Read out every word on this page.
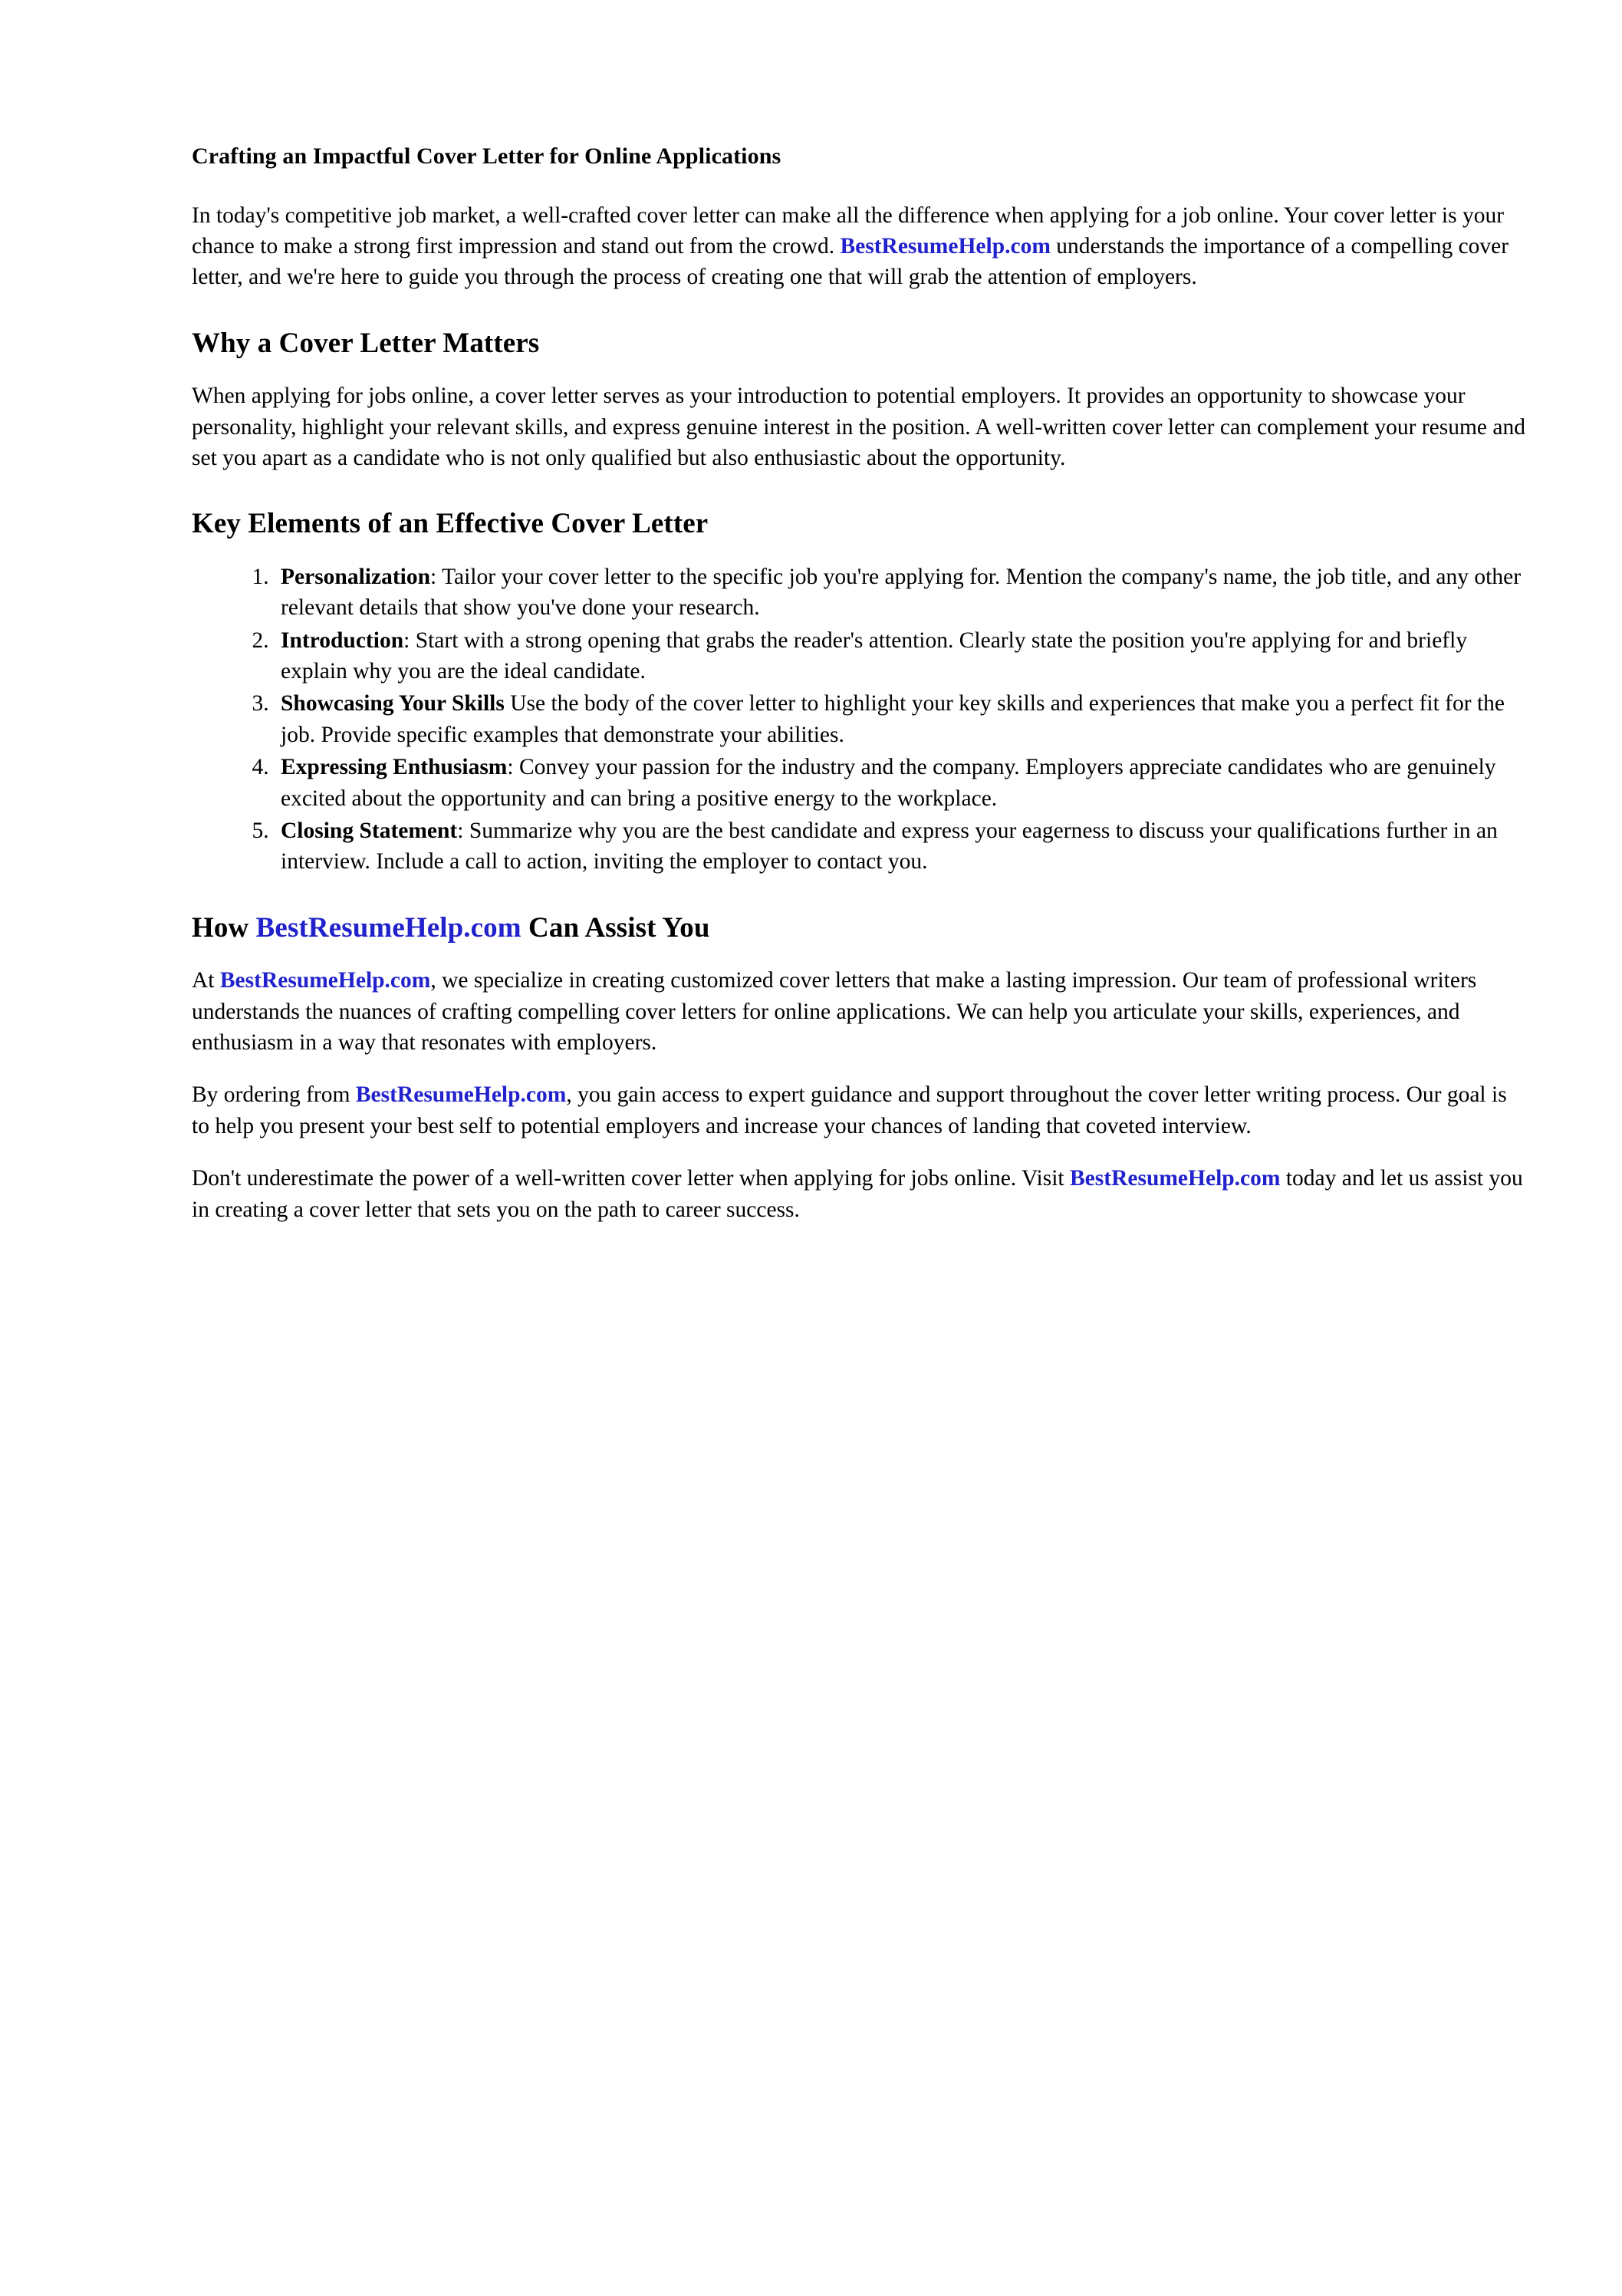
Crafting an Impactful Cover Letter for Online Applications

In today's competitive job market, a well-crafted cover letter can make all the difference when applying for a job online. Your cover letter is your chance to make a strong first impression and stand out from the crowd. BestResumeHelp.com understands the importance of a compelling cover letter, and we're here to guide you through the process of creating one that will grab the attention of employers.

Why a Cover Letter Matters

When applying for jobs online, a cover letter serves as your introduction to potential employers. It provides an opportunity to showcase your personality, highlight your relevant skills, and express genuine interest in the position. A well-written cover letter can complement your resume and set you apart as a candidate who is not only qualified but also enthusiastic about the opportunity.

Key Elements of an Effective Cover Letter
1. Personalization: Tailor your cover letter to the specific job you're applying for. Mention the company's name, the job title, and any other relevant details that show you've done your research.
2. Introduction: Start with a strong opening that grabs the reader's attention. Clearly state the position you're applying for and briefly explain why you are the ideal candidate.
3. Showcasing Your Skills Use the body of the cover letter to highlight your key skills and experiences that make you a perfect fit for the job. Provide specific examples that demonstrate your abilities.
4. Expressing Enthusiasm: Convey your passion for the industry and the company. Employers appreciate candidates who are genuinely excited about the opportunity and can bring a positive energy to the workplace.
5. Closing Statement: Summarize why you are the best candidate and express your eagerness to discuss your qualifications further in an interview. Include a call to action, inviting the employer to contact you.
How BestResumeHelp.com Can Assist You

At BestResumeHelp.com, we specialize in creating customized cover letters that make a lasting impression. Our team of professional writers understands the nuances of crafting compelling cover letters for online applications. We can help you articulate your skills, experiences, and enthusiasm in a way that resonates with employers.

By ordering from BestResumeHelp.com, you gain access to expert guidance and support throughout the cover letter writing process. Our goal is to help you present your best self to potential employers and increase your chances of landing that coveted interview.

Don't underestimate the power of a well-written cover letter when applying for jobs online. Visit BestResumeHelp.com today and let us assist you in creating a cover letter that sets you on the path to career success.
